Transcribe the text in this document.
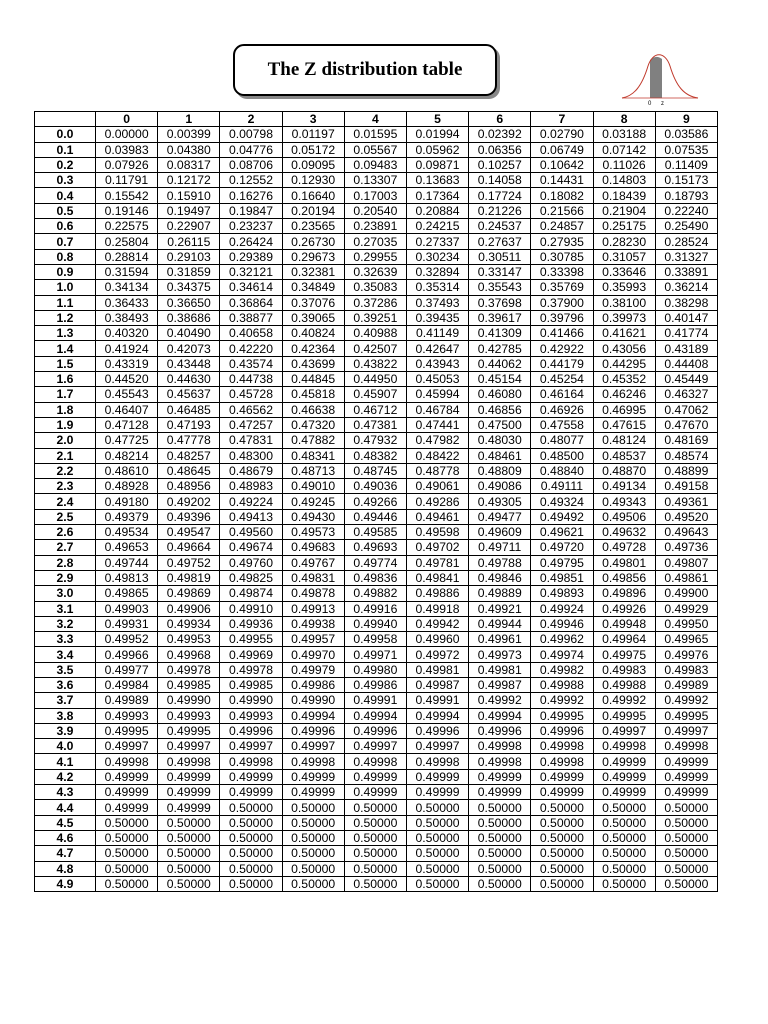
The Z distribution table
0 z
	0	1	2	3	4	5	6	7	8	9
0.0	0.00000	0.00399	0.00798	0.01197	0.01595	0.01994	0.02392	0.02790	0.03188	0.03586
0.1	0.03983	0.04380	0.04776	0.05172	0.05567	0.05962	0.06356	0.06749	0.07142	0.07535
0.2	0.07926	0.08317	0.08706	0.09095	0.09483	0.09871	0.10257	0.10642	0.11026	0.11409
0.3	0.11791	0.12172	0.12552	0.12930	0.13307	0.13683	0.14058	0.14431	0.14803	0.15173
0.4	0.15542	0.15910	0.16276	0.16640	0.17003	0.17364	0.17724	0.18082	0.18439	0.18793
0.5	0.19146	0.19497	0.19847	0.20194	0.20540	0.20884	0.21226	0.21566	0.21904	0.22240
0.6	0.22575	0.22907	0.23237	0.23565	0.23891	0.24215	0.24537	0.24857	0.25175	0.25490
0.7	0.25804	0.26115	0.26424	0.26730	0.27035	0.27337	0.27637	0.27935	0.28230	0.28524
0.8	0.28814	0.29103	0.29389	0.29673	0.29955	0.30234	0.30511	0.30785	0.31057	0.31327
0.9	0.31594	0.31859	0.32121	0.32381	0.32639	0.32894	0.33147	0.33398	0.33646	0.33891
1.0	0.34134	0.34375	0.34614	0.34849	0.35083	0.35314	0.35543	0.35769	0.35993	0.36214
1.1	0.36433	0.36650	0.36864	0.37076	0.37286	0.37493	0.37698	0.37900	0.38100	0.38298
1.2	0.38493	0.38686	0.38877	0.39065	0.39251	0.39435	0.39617	0.39796	0.39973	0.40147
1.3	0.40320	0.40490	0.40658	0.40824	0.40988	0.41149	0.41309	0.41466	0.41621	0.41774
1.4	0.41924	0.42073	0.42220	0.42364	0.42507	0.42647	0.42785	0.42922	0.43056	0.43189
1.5	0.43319	0.43448	0.43574	0.43699	0.43822	0.43943	0.44062	0.44179	0.44295	0.44408
1.6	0.44520	0.44630	0.44738	0.44845	0.44950	0.45053	0.45154	0.45254	0.45352	0.45449
1.7	0.45543	0.45637	0.45728	0.45818	0.45907	0.45994	0.46080	0.46164	0.46246	0.46327
1.8	0.46407	0.46485	0.46562	0.46638	0.46712	0.46784	0.46856	0.46926	0.46995	0.47062
1.9	0.47128	0.47193	0.47257	0.47320	0.47381	0.47441	0.47500	0.47558	0.47615	0.47670
2.0	0.47725	0.47778	0.47831	0.47882	0.47932	0.47982	0.48030	0.48077	0.48124	0.48169
2.1	0.48214	0.48257	0.48300	0.48341	0.48382	0.48422	0.48461	0.48500	0.48537	0.48574
2.2	0.48610	0.48645	0.48679	0.48713	0.48745	0.48778	0.48809	0.48840	0.48870	0.48899
2.3	0.48928	0.48956	0.48983	0.49010	0.49036	0.49061	0.49086	0.49111	0.49134	0.49158
2.4	0.49180	0.49202	0.49224	0.49245	0.49266	0.49286	0.49305	0.49324	0.49343	0.49361
2.5	0.49379	0.49396	0.49413	0.49430	0.49446	0.49461	0.49477	0.49492	0.49506	0.49520
2.6	0.49534	0.49547	0.49560	0.49573	0.49585	0.49598	0.49609	0.49621	0.49632	0.49643
2.7	0.49653	0.49664	0.49674	0.49683	0.49693	0.49702	0.49711	0.49720	0.49728	0.49736
2.8	0.49744	0.49752	0.49760	0.49767	0.49774	0.49781	0.49788	0.49795	0.49801	0.49807
2.9	0.49813	0.49819	0.49825	0.49831	0.49836	0.49841	0.49846	0.49851	0.49856	0.49861
3.0	0.49865	0.49869	0.49874	0.49878	0.49882	0.49886	0.49889	0.49893	0.49896	0.49900
3.1	0.49903	0.49906	0.49910	0.49913	0.49916	0.49918	0.49921	0.49924	0.49926	0.49929
3.2	0.49931	0.49934	0.49936	0.49938	0.49940	0.49942	0.49944	0.49946	0.49948	0.49950
3.3	0.49952	0.49953	0.49955	0.49957	0.49958	0.49960	0.49961	0.49962	0.49964	0.49965
3.4	0.49966	0.49968	0.49969	0.49970	0.49971	0.49972	0.49973	0.49974	0.49975	0.49976
3.5	0.49977	0.49978	0.49978	0.49979	0.49980	0.49981	0.49981	0.49982	0.49983	0.49983
3.6	0.49984	0.49985	0.49985	0.49986	0.49986	0.49987	0.49987	0.49988	0.49988	0.49989
3.7	0.49989	0.49990	0.49990	0.49990	0.49991	0.49991	0.49992	0.49992	0.49992	0.49992
3.8	0.49993	0.49993	0.49993	0.49994	0.49994	0.49994	0.49994	0.49995	0.49995	0.49995
3.9	0.49995	0.49995	0.49996	0.49996	0.49996	0.49996	0.49996	0.49996	0.49997	0.49997
4.0	0.49997	0.49997	0.49997	0.49997	0.49997	0.49997	0.49998	0.49998	0.49998	0.49998
4.1	0.49998	0.49998	0.49998	0.49998	0.49998	0.49998	0.49998	0.49998	0.49999	0.49999
4.2	0.49999	0.49999	0.49999	0.49999	0.49999	0.49999	0.49999	0.49999	0.49999	0.49999
4.3	0.49999	0.49999	0.49999	0.49999	0.49999	0.49999	0.49999	0.49999	0.49999	0.49999
4.4	0.49999	0.49999	0.50000	0.50000	0.50000	0.50000	0.50000	0.50000	0.50000	0.50000
4.5	0.50000	0.50000	0.50000	0.50000	0.50000	0.50000	0.50000	0.50000	0.50000	0.50000
4.6	0.50000	0.50000	0.50000	0.50000	0.50000	0.50000	0.50000	0.50000	0.50000	0.50000
4.7	0.50000	0.50000	0.50000	0.50000	0.50000	0.50000	0.50000	0.50000	0.50000	0.50000
4.8	0.50000	0.50000	0.50000	0.50000	0.50000	0.50000	0.50000	0.50000	0.50000	0.50000
4.9	0.50000	0.50000	0.50000	0.50000	0.50000	0.50000	0.50000	0.50000	0.50000	0.50000
